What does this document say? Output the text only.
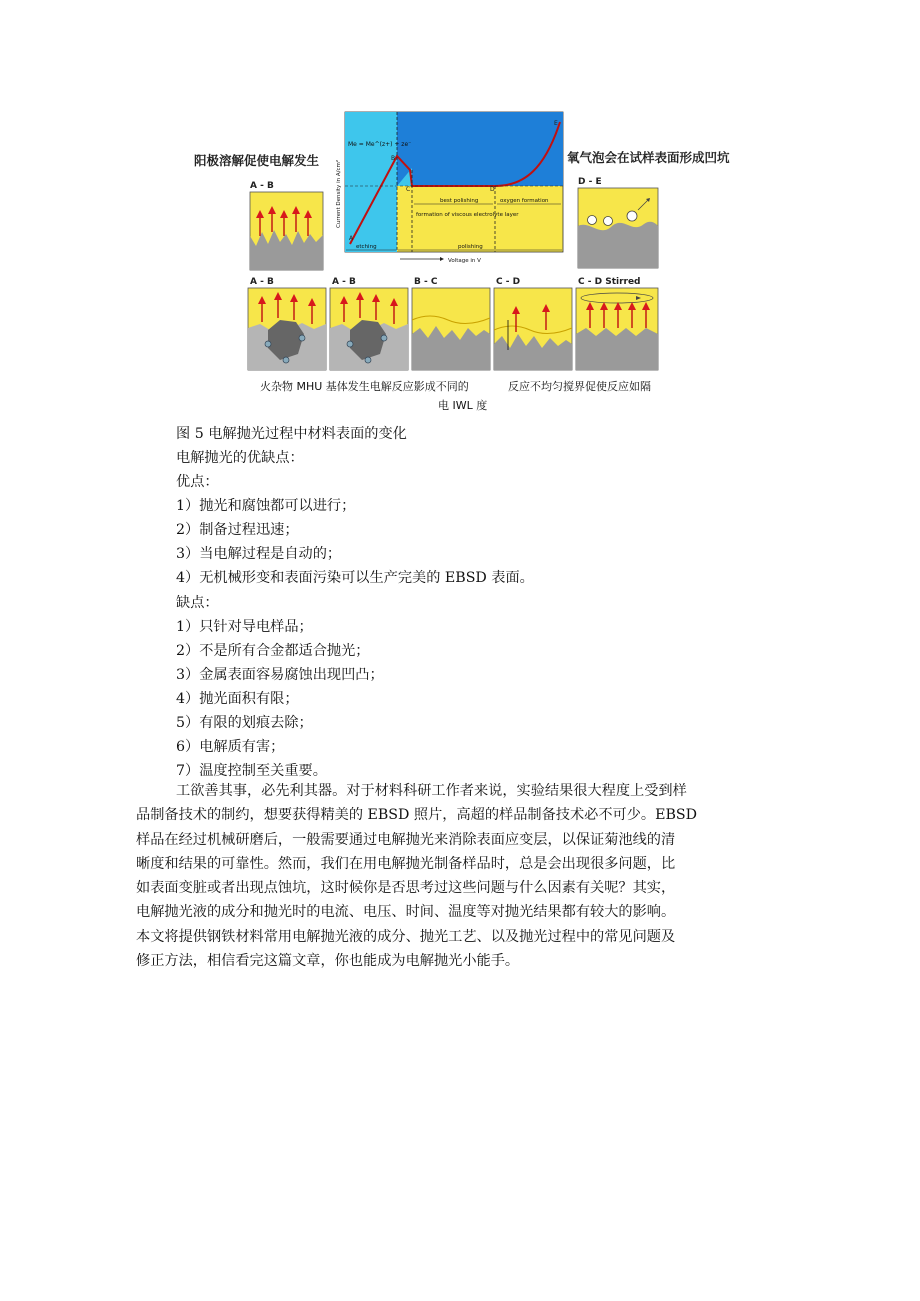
A
B
C	D
E
Me = Me^(z+) + ze⁻
best polishing	oxygen formation
formation of viscous electrolyte layer
etching	polishing
Current Density in A/cm²
Voltage in V
A - B	D - E
A - B	A - B	B - C	C - D	C - D Stirred
阳极溶解促使电解发生	氧气泡会在试样表面形成凹坑
火杂物 MHU 基体发生电解反应影成不同的
电 IWL 度
反应不均匀搅界促使反应如隔
图 5 电解抛光过程中材料表面的变化
电解抛光的优缺点：
优点：
1）抛光和腐蚀都可以进行；
2）制备过程迅速；
3）当电解过程是自动的；
4）无机械形变和表面污染可以生产完美的 EBSD 表面。
缺点：
1）只针对导电样品；
2）不是所有合金都适合抛光；
3）金属表面容易腐蚀出现凹凸；
4）抛光面积有限；
5）有限的划痕去除；
6）电解质有害；
7）温度控制至关重要。
工欲善其事，必先利其器。对于材料科研工作者来说，实验结果很大程度上受到样
品制备技术的制约，想要获得精美的 EBSD 照片，高超的样品制备技术必不可少。EBSD
样品在经过机械研磨后，一般需要通过电解抛光来消除表面应变层，以保证菊池线的清
晰度和结果的可靠性。然而，我们在用电解抛光制备样品时，总是会出现很多问题，比
如表面变脏或者出现点蚀坑，这时候你是否思考过这些问题与什么因素有关呢？其实，
电解抛光液的成分和抛光时的电流、电压、时间、温度等对抛光结果都有较大的影响。
本文将提供钢铁材料常用电解抛光液的成分、抛光工艺、以及抛光过程中的常见问题及
修正方法，相信看完这篇文章，你也能成为电解抛光小能手。
